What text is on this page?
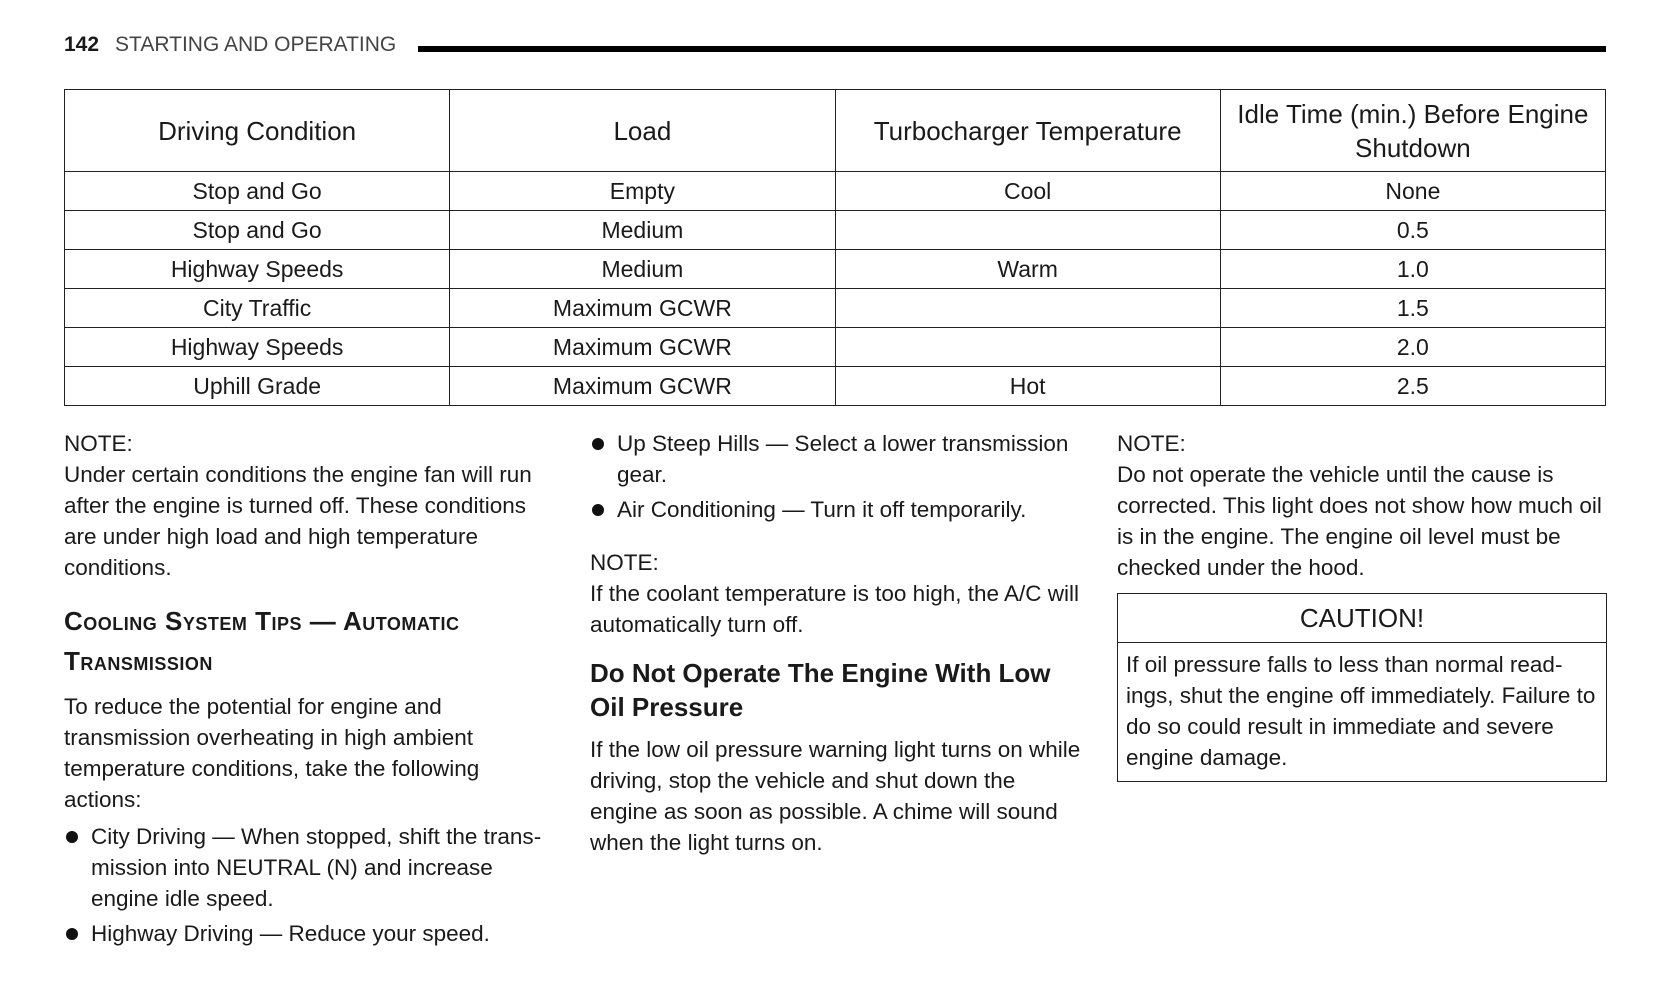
142 STARTING AND OPERATING
Driving Condition	Load	Turbocharger Temperature	Idle Time (min.) Before Engine Shutdown
Stop and Go	Empty	Cool	None
Stop and Go	Medium		0.5
Highway Speeds	Medium	Warm	1.0
City Traffic	Maximum GCWR		1.5
Highway Speeds	Maximum GCWR		2.0
Uphill Grade	Maximum GCWR	Hot	2.5

NOTE:

Under certain conditions the engine fan will run after the engine is turned off. These conditions are under high load and high temperature conditions.

Cooling System Tips — Automatic Transmission

To reduce the potential for engine and transmission overheating in high ambient temperature conditions, take the following actions:

City Driving — When stopped, shift the transmission into NEUTRAL (N) and increase engine idle speed.
Highway Driving — Reduce your speed.
Up Steep Hills — Select a lower transmission gear.
Air Conditioning — Turn it off temporarily.

NOTE:

If the coolant temperature is too high, the A/C will automatically turn off.

Do Not Operate The Engine With Low Oil Pressure

If the low oil pressure warning light turns on while driving, stop the vehicle and shut down the engine as soon as possible. A chime will sound when the light turns on.

NOTE:

Do not operate the vehicle until the cause is corrected. This light does not show how much oil is in the engine. The engine oil level must be checked under the hood.

CAUTION!
If oil pressure falls to less than normal readings, shut the engine off immediately. Failure to do so could result in immediate and severe engine damage.
